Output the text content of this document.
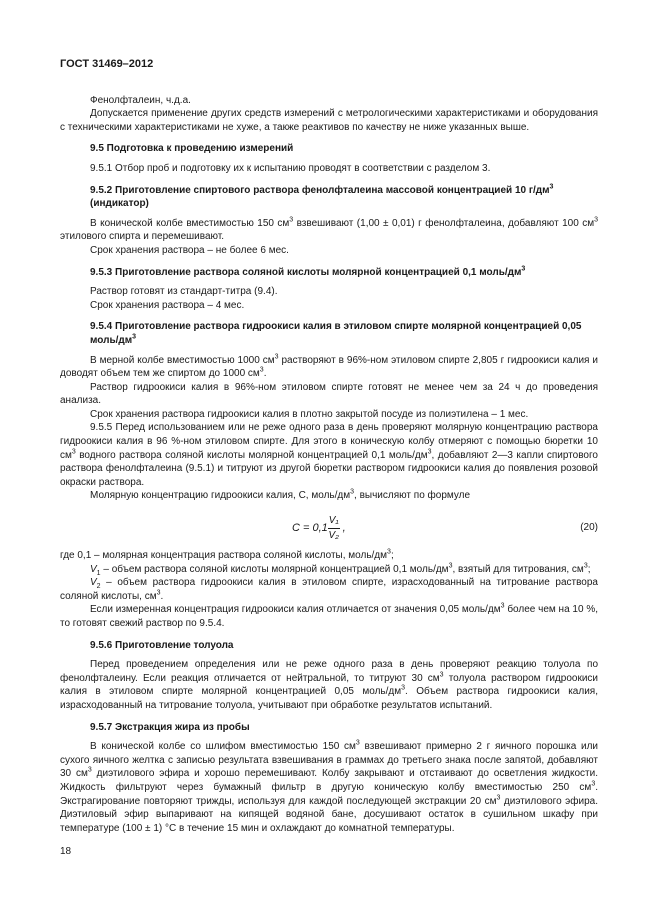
ГОСТ 31469–2012

Фенолфталеин, ч.д.а.

Допускается применение других средств измерений с метрологическими характеристиками и оборудования с техническими характеристиками не хуже, а также реактивов по качеству не ниже указанных выше.

9.5 Подготовка к проведению измерений

9.5.1 Отбор проб и подготовку их к испытанию проводят в соответствии с разделом 3.

9.5.2 Приготовление спиртового раствора фенолфталеина массовой концентрацией 10 $г/дм^3$ (индикатор)

В конической колбе вместимостью 150 $см^3$ взвешивают (1,00 ± 0,01) г фенолфталеина, добавляют 100 $см^3$ этилового спирта и перемешивают.

Срок хранения раствора – не более 6 мес.

9.5.3 Приготовление раствора соляной кислоты молярной концентрацией 0,1 моль/$дм^3$

Раствор готовят из стандарт-титра (9.4).

Срок хранения раствора – 4 мес.

9.5.4 Приготовление раствора гидроокиси калия в этиловом спирте молярной концентрацией 0,05 моль/$дм^3$

В мерной колбе вместимостью 1000 $см^3$ растворяют в 96%-ном этиловом спирте 2,805 г гидроокиси калия и доводят объем тем же спиртом до 1000 $см^3$.

Раствор гидроокиси калия в 96%-ном этиловом спирте готовят не менее чем за 24 ч до проведения анализа.

Срок хранения раствора гидроокиси калия в плотно закрытой посуде из полиэтилена – 1 мес.

9.5.5 Перед использованием или не реже одного раза в день проверяют молярную концентрацию раствора гидроокиси калия в 96 %-ном этиловом спирте. Для этого в коническую колбу отмеряют с помощью бюретки 10 $см^3$ водного раствора соляной кислоты молярной концентрацией 0,1 моль/$дм^3$, добавляют 2—3 капли спиртового раствора фенолфталеина (9.5.1) и титруют из другой бюретки раствором гидроокиси калия до появления розовой окраски раствора.

Молярную концентрацию гидроокиси калия, С, моль/$дм^3$, вычисляют по формуле

$C = 0,1 \frac{\text{V₁}}{\text{V₂}}$ ,	(20)

где 0,1 – молярная концентрация раствора соляной кислоты, моль/$дм^3$;

$V_1$ – объем раствора соляной кислоты молярной концентрацией 0,1 моль/$дм^3$, взятый для титрования, $см^3$;

$V_2$ – объем раствора гидроокиси калия в этиловом спирте, израсходованный на титрование раствора соляной кислоты, $см^3$.

Если измеренная концентрация гидроокиси калия отличается от значения 0,05 моль/$дм^3$ более чем на 10 %, то готовят свежий раствор по 9.5.4.

9.5.6 Приготовление толуола

Перед проведением определения или не реже одного раза в день проверяют реакцию толуола по фенолфталеину. Если реакция отличается от нейтральной, то титруют 30 $см^3$ толуола раствором гидроокиси калия в этиловом спирте молярной концентрацией 0,05 моль/$дм^3$. Объем раствора гидроокиси калия, израсходованный на титрование толуола, учитывают при обработке результатов испытаний.

9.5.7 Экстракция жира из пробы

В конической колбе со шлифом вместимостью 150 $см^3$ взвешивают примерно 2 г яичного порошка или сухого яичного желтка с записью результата взвешивания в граммах до третьего знака после запятой, добавляют 30 $см^3$ диэтилового эфира и хорошо перемешивают. Колбу закрывают и отстаивают до осветления жидкости. Жидкость фильтруют через бумажный фильтр в другую коническую колбу вместимостью 250 $см^3$. Экстрагирование повторяют трижды, используя для каждой последующей экстракции 20 $см^3$ диэтилового эфира. Диэтиловый эфир выпаривают на кипящей водяной бане, досушивают остаток в сушильном шкафу при температуре (100 ± 1) °С в течение 15 мин и охлаждают до комнатной температуры.

18
